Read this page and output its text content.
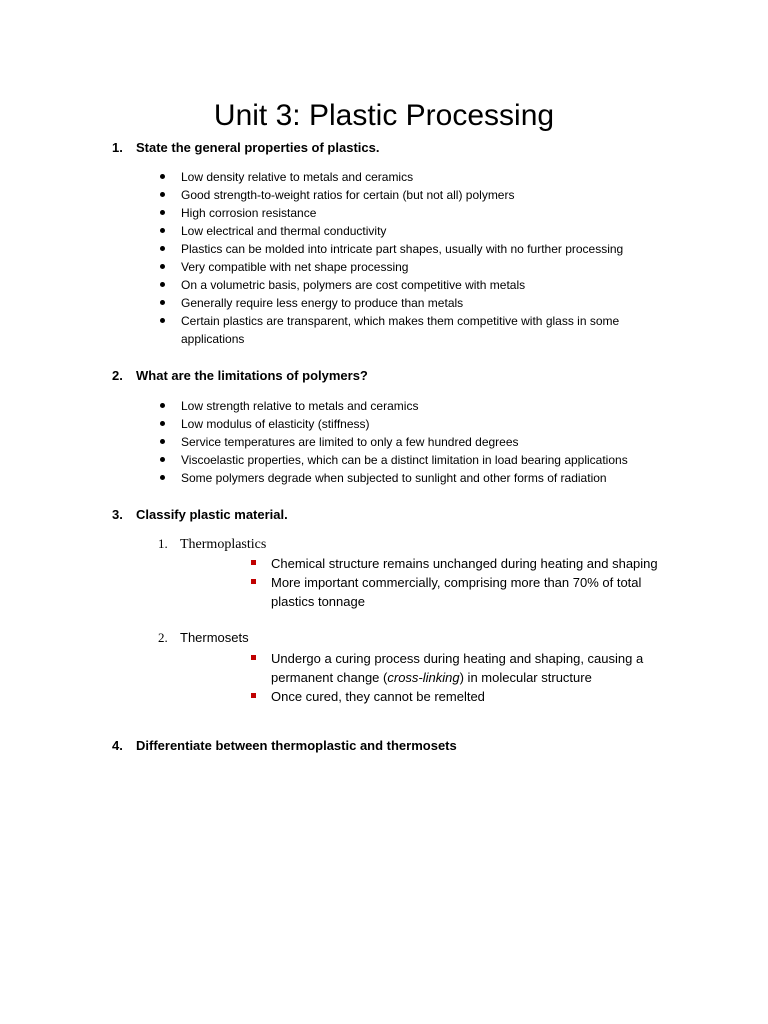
Unit 3: Plastic Processing
1. State the general properties of plastics.
Low density relative to metals and ceramics
Good strength-to-weight ratios for certain (but not all) polymers
High corrosion resistance
Low electrical and thermal conductivity
Plastics can be molded into intricate part shapes, usually with no further processing
Very compatible with net shape processing
On a volumetric basis, polymers are cost competitive with metals
Generally require less energy to produce than metals
Certain plastics are transparent, which makes them competitive with glass in some applications
2. What are the limitations of polymers?
Low strength relative to metals and ceramics
Low modulus of elasticity (stiffness)
Service temperatures are limited to only a few hundred degrees
Viscoelastic properties, which can be a distinct limitation in load bearing applications
Some polymers degrade when subjected to sunlight and other forms of radiation
3. Classify plastic material.
1. Thermoplastics
Chemical structure remains unchanged during heating and shaping
More important commercially, comprising more than 70% of total plastics tonnage
2. Thermosets
Undergo a curing process during heating and shaping, causing a permanent change (cross-linking) in molecular structure
Once cured, they cannot be remelted
4. Differentiate between thermoplastic and thermosets
